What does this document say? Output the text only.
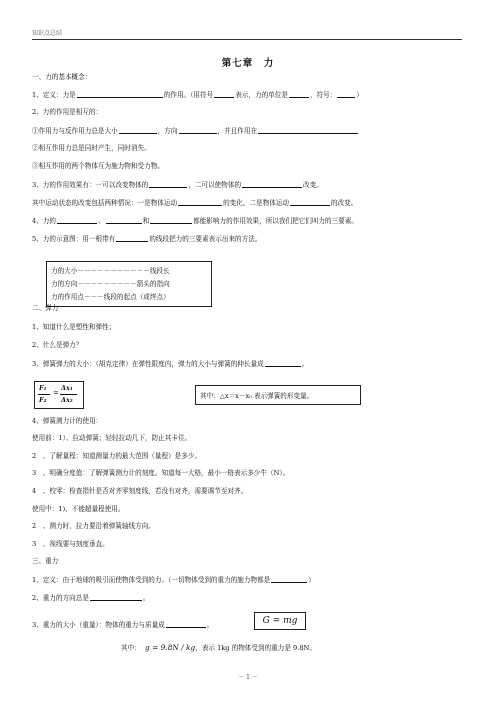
知识点总结
第七章　力
一、力的基本概念：
1、定义：力是	的作用。（用符号	表示，力的单位是	，符号：	）
2、力的作用是相互的：
①作用力与反作用力总是大小	，方向	，并且作用在
②相互作用力总是同时产生，同时消失。
③相互作用的两个物体互为施力物和受力物。
3、力的作用效果有：一可以改变物体的	，二可以使物体的	改变。
其中运动状态的改变包括两种情况：一是物体运动	的变化，二是物体运动	的改变。
4、力的	、	和	都能影响力的作用效果，所以我们把它们叫力的三要素。
5、力的示意图：用一根带有	的线段把力的三要素表示出来的方法。
力的大小－－－－－－－－－－－线段长
力的方向－－－－－－－－－箭头的指向
力的作用点－－－线段的起点（或终点）
二、弹力
1、知道什么是塑性和弹性；
2、什么是弹力？
3、弹簧弹力的大小：（胡克定律）在弹性限度内，弹力的大小与弹簧的伸长量成	。
F₁
F₂
=
Δx₁
Δx₂	其中：△x＝x－x₀ 表示弹簧的形变量。
4、弹簧测力计的使用：
使用前：1）、拉动弹簧；轻轻拉动几下，防止其卡住。
2　、了解量程：知道测量力的最大范围（量程）是多少。
3　、明确分度值：了解弹簧测力计的刻度。知道每一大格，最小一格表示多少牛（N）。
4　、校零：检查指针是否对齐零刻度线，若没有对齐，需要调节至对齐。
使用中：1)、不能超量程使用。
2　、测力时，拉力要沿着弹簧轴线方向。
3　、视线要与刻度垂直。
三、重力
1、定义：由于地球的吸引而使物体受到的力。（一切物体受到的重力的施力物都是	）
2、重力的方向总是	。
3、重力的大小（重量）：物体的重力与质量成	。	G = mg
其中： g = 9.8N / kg，表示 1kg 的物体受到的重力是 9.8N。
－ 1 －
